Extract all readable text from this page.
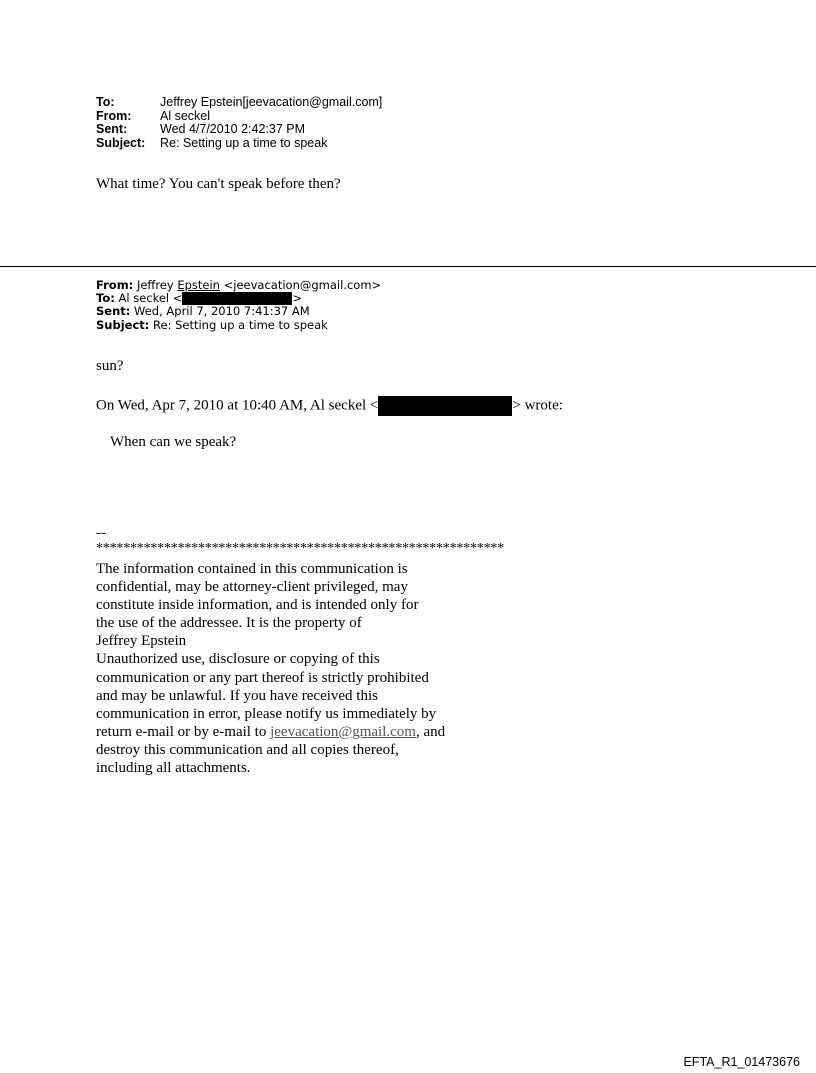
To:	Jeffrey Epstein[jeevacation@gmail.com]
From:	Al seckel
Sent:	Wed 4/7/2010 2:42:37 PM
Subject:	Re: Setting up a time to speak
What time? You can't speak before then?
From: Jeffrey Epstein <jeevacation@gmail.com>
To: Al seckel <	>
Sent: Wed, April 7, 2010 7:41:37 AM
Subject: Re: Setting up a time to speak
sun?
On Wed, Apr 7, 2010 at 10:40 AM, Al seckel <	> wrote:
When can we speak?
--
************************************************************
The information contained in this communication is
confidential, may be attorney-client privileged, may
constitute inside information, and is intended only for
the use of the addressee. It is the property of
Jeffrey Epstein
Unauthorized use, disclosure or copying of this
communication or any part thereof is strictly prohibited
and may be unlawful. If you have received this
communication in error, please notify us immediately by
return e-mail or by e-mail to jeevacation@gmail.com, and
destroy this communication and all copies thereof,
including all attachments.
EFTA_R1_01473676
